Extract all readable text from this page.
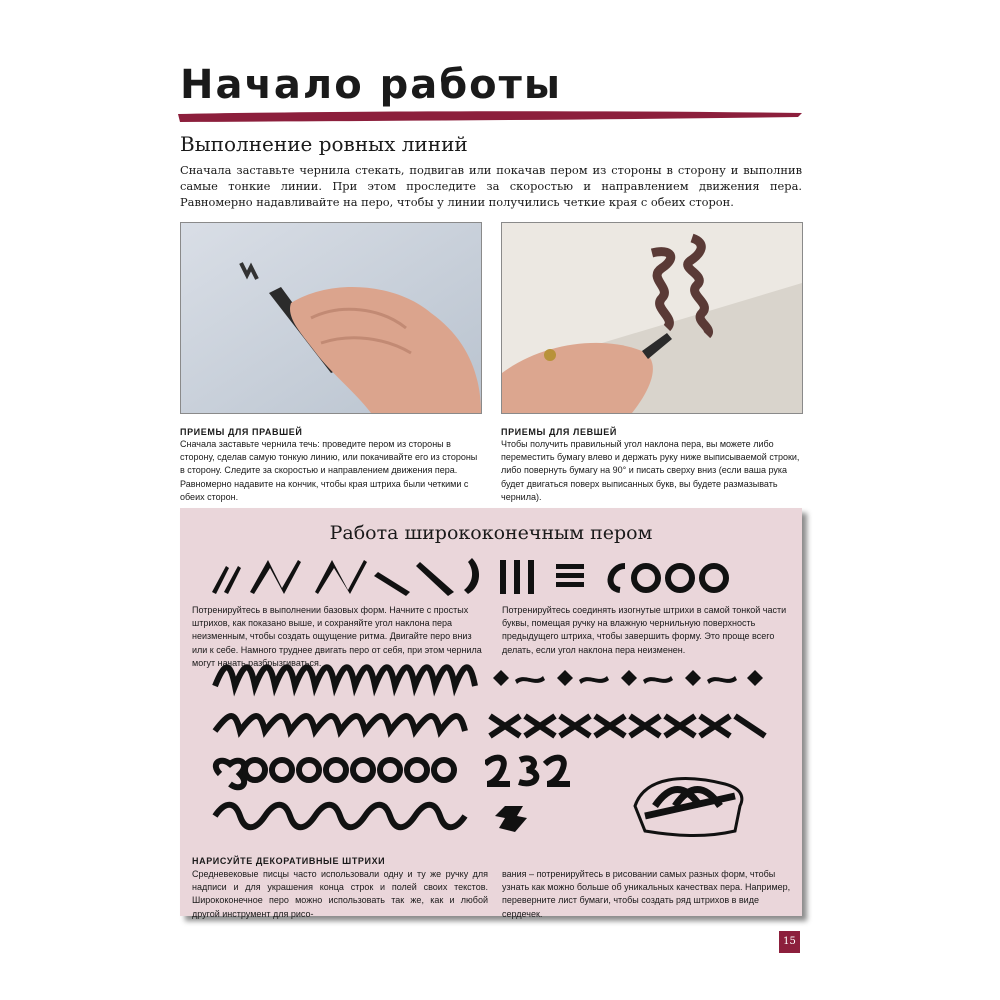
Начало работы
Выполнение ровных линий
Сначала заставьте чернила стекать, подвигав или покачав пером из стороны в сторону и выполнив самые тонкие линии. При этом проследите за скоростью и направлением движения пера. Равномерно надавливайте на перо, чтобы у линии получились четкие края с обеих сторон.
ПРИЕМЫ ДЛЯ ПРАВШЕЙ
Сначала заставьте чернила течь: проведите пером из стороны в сторону, сделав самую тонкую линию, или покачивайте его из стороны в сторону. Следите за скоростью и направлением движения пера. Равномерно надавите на кончик, чтобы края штриха были четкими с обеих сторон.
ПРИЕМЫ ДЛЯ ЛЕВШЕЙ
Чтобы получить правильный угол наклона пера, вы можете либо переместить бумагу влево и держать руку ниже выписываемой строки, либо повернуть бумагу на 90° и писать сверху вниз (если ваша рука будет двигаться поверх выписанных букв, вы будете размазывать чернила).
Работа ширококонечным пером
Потренируйтесь в выполнении базовых форм. Начните с простых штрихов, как показано выше, и сохраняйте угол наклона пера неизменным, чтобы создать ощущение ритма. Двигайте перо вниз или к себе. Намного труднее двигать перо от себя, при этом чернила могут начать разбрызгиваться.
Потренируйтесь соединять изогнутые штрихи в самой тонкой части буквы, помещая ручку на влажную чернильную поверхность предыдущего штриха, чтобы завершить форму. Это проще всего делать, если угол наклона пера неизменен.
НАРИСУЙТЕ ДЕКОРАТИВНЫЕ ШТРИХИ
Средневековые писцы часто использовали одну и ту же ручку для надписи и для украшения конца строк и полей своих текстов. Ширококонечное перо можно использовать так же, как и любой другой инструмент для рисо-
вания – потренируйтесь в рисовании самых разных форм, чтобы узнать как можно больше об уникальных качествах пера. Например, переверните лист бумаги, чтобы создать ряд штрихов в виде сердечек.
15
